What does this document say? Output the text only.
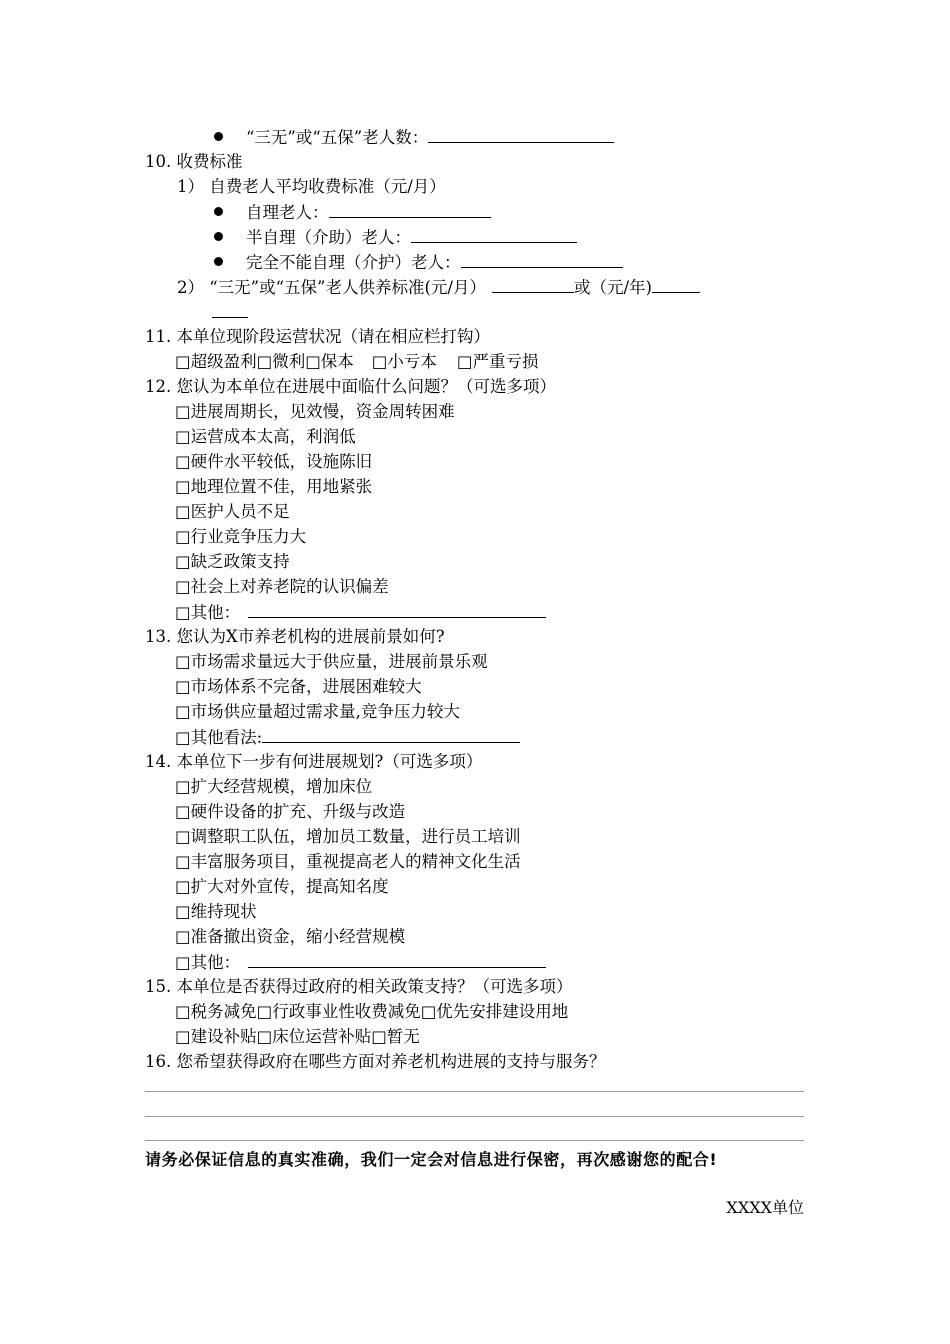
“三无”或“五保”老人数：
10. 收费标准
1） 自费老人平均收费标准（元/月）
自理老人：
半自理（介助）老人：
完全不能自理（介护）老人：
2） “三无”或“五保”老人供养标准(元/月）	或（元/年)
11. 本单位现阶段运营状况（请在相应栏打钩）
□超级盈利□微利□保本 □小亏本 □严重亏损
12. 您认为本单位在进展中面临什么问题？（可选多项）
□进展周期长，见效慢，资金周转困难
□运营成本太高，利润低
□硬件水平较低，设施陈旧
□地理位置不佳，用地紧张
□医护人员不足
□行业竞争压力大
□缺乏政策支持
□社会上对养老院的认识偏差
□其他：
13. 您认为X市养老机构的进展前景如何?
□市场需求量远大于供应量，进展前景乐观
□市场体系不完备，进展困难较大
□市场供应量超过需求量,竞争压力较大
□其他看法:
14. 本单位下一步有何进展规划?（可选多项）
□扩大经营规模，增加床位
□硬件设备的扩充、升级与改造
□调整职工队伍，增加员工数量，进行员工培训
□丰富服务项目，重视提高老人的精神文化生活
□扩大对外宣传，提高知名度
□维持现状
□准备撤出资金，缩小经营规模
□其他：
15. 本单位是否获得过政府的相关政策支持？（可选多项）
□税务减免□行政事业性收费减免□优先安排建设用地
□建设补贴□床位运营补贴□暂无
16. 您希望获得政府在哪些方面对养老机构进展的支持与服务？
请务必保证信息的真实准确，我们一定会对信息进行保密，再次感谢您的配合!
XXXX单位
